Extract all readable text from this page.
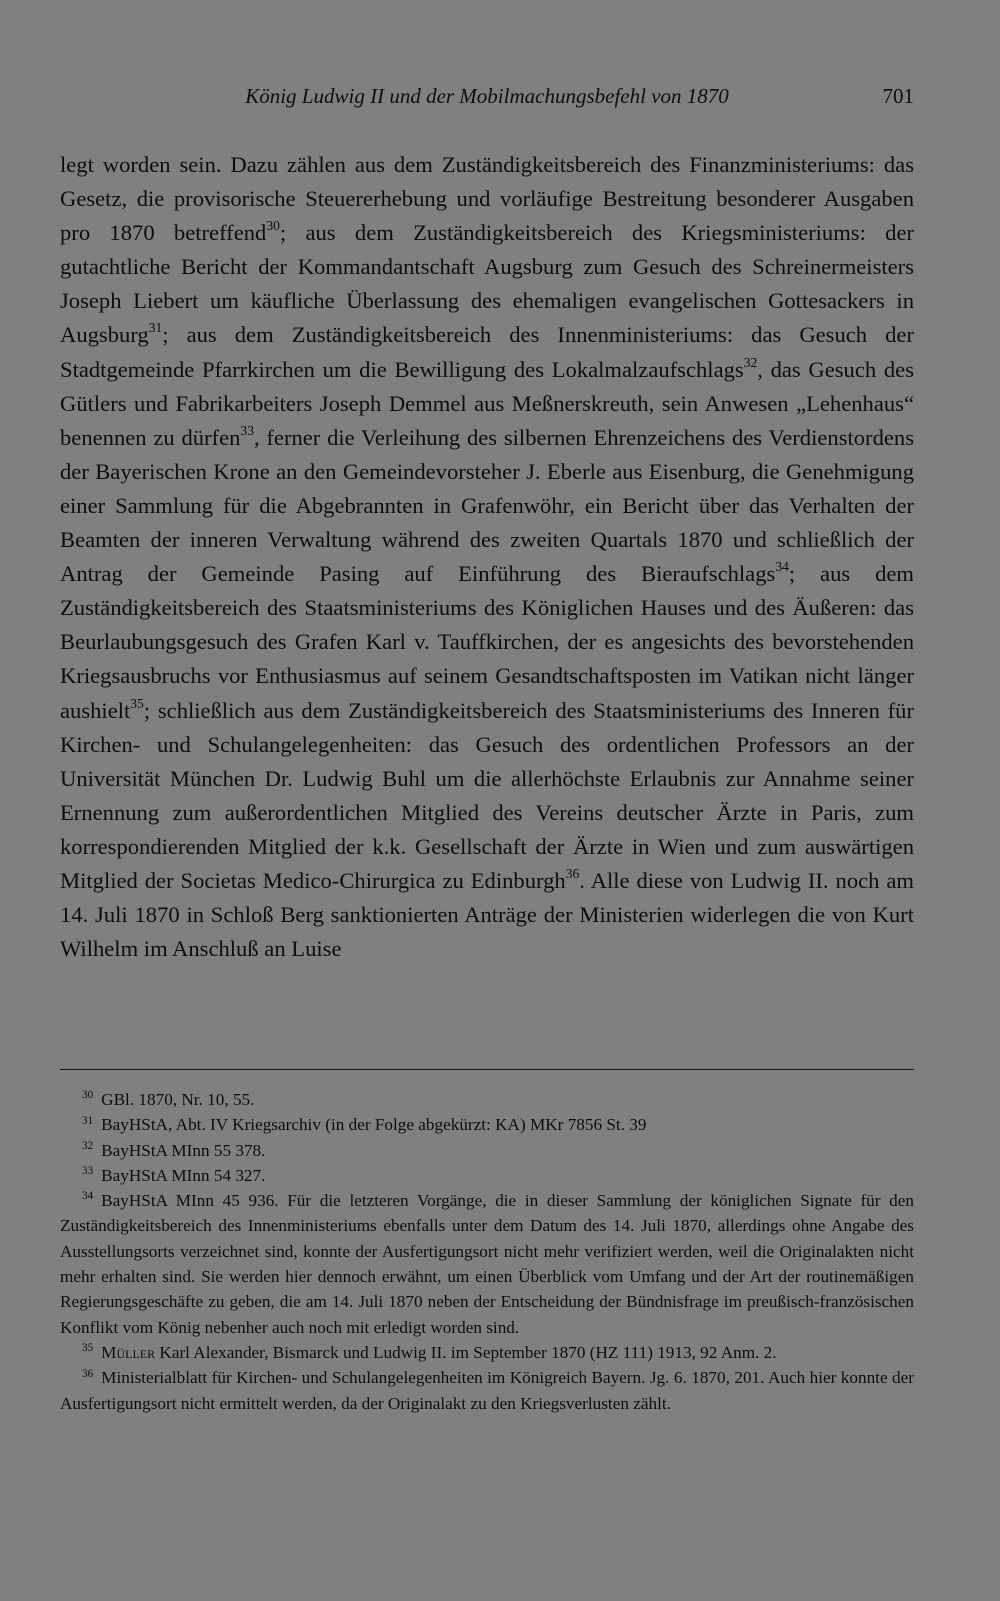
König Ludwig II und der Mobilmachungsbefehl von 1870	701

legt worden sein. Dazu zählen aus dem Zuständigkeitsbereich des Finanzministeriums: das Gesetz, die provisorische Steuererhebung und vorläufige Bestreitung besonderer Ausgaben pro 1870 betreffend$^{30}$; aus dem Zuständigkeitsbereich des Kriegsministeriums: der gutachtliche Bericht der Kommandantschaft Augsburg zum Gesuch des Schreinermeisters Joseph Liebert um käufliche Überlassung des ehemaligen evangelischen Gottesackers in Augsburg$^{31}$; aus dem Zuständigkeitsbereich des Innenministeriums: das Gesuch der Stadtgemeinde Pfarrkirchen um die Bewilligung des Lokalmalzaufschlags$^{32}$, das Gesuch des Gütlers und Fabrikarbeiters Joseph Demmel aus Meßnerskreuth, sein Anwesen „Lehenhaus“ benennen zu dürfen$^{33}$, ferner die Verleihung des silbernen Ehrenzeichens des Verdienstordens der Bayerischen Krone an den Gemeindevorsteher J. Eberle aus Eisenburg, die Genehmigung einer Sammlung für die Abgebrannten in Grafenwöhr, ein Bericht über das Verhalten der Beamten der inneren Verwaltung während des zweiten Quartals 1870 und schließlich der Antrag der Gemeinde Pasing auf Einführung des Bieraufschlags$^{34}$; aus dem Zuständigkeitsbereich des Staatsministeriums des Königlichen Hauses und des Äußeren: das Beurlaubungsgesuch des Grafen Karl v. Tauffkirchen, der es angesichts des bevorstehenden Kriegsausbruchs vor Enthusiasmus auf seinem Gesandtschaftsposten im Vatikan nicht länger aushielt$^{35}$; schließlich aus dem Zuständigkeitsbereich des Staatsministeriums des Inneren für Kirchen- und Schulangelegenheiten: das Gesuch des ordentlichen Professors an der Universität München Dr. Ludwig Buhl um die allerhöchste Erlaubnis zur Annahme seiner Ernennung zum außerordentlichen Mitglied des Vereins deutscher Ärzte in Paris, zum korrespondierenden Mitglied der k.k. Gesellschaft der Ärzte in Wien und zum auswärtigen Mitglied der Societas Medico-Chirurgica zu Edinburgh$^{36}$. Alle diese von Ludwig II. noch am 14. Juli 1870 in Schloß Berg sanktionierten Anträge der Ministerien widerlegen die von Kurt Wilhelm im Anschluß an Luise

$^{30}$ GBl. 1870, Nr. 10, 55.

$^{31}$ BayHStA, Abt. IV Kriegsarchiv (in der Folge abgekürzt: KA) MKr 7856 St. 39

$^{32}$ BayHStA MInn 55 378.

$^{33}$ BayHStA MInn 54 327.

$^{34}$ BayHStA MInn 45 936. Für die letzteren Vorgänge, die in dieser Sammlung der königlichen Signate für den Zuständigkeitsbereich des Innenministeriums ebenfalls unter dem Datum des 14. Juli 1870, allerdings ohne Angabe des Ausstellungsorts verzeichnet sind, konnte der Ausfertigungsort nicht mehr verifiziert werden, weil die Originalakten nicht mehr erhalten sind. Sie werden hier dennoch erwähnt, um einen Überblick vom Umfang und der Art der routinemäßigen Regierungsgeschäfte zu geben, die am 14. Juli 1870 neben der Entscheidung der Bündnisfrage im preußisch-französischen Konflikt vom König nebenher auch noch mit erledigt worden sind.

$^{35}$ Müller Karl Alexander, Bismarck und Ludwig II. im September 1870 (HZ 111) 1913, 92 Anm. 2.

$^{36}$ Ministerialblatt für Kirchen- und Schulangelegenheiten im Königreich Bayern. Jg. 6. 1870, 201. Auch hier konnte der Ausfertigungsort nicht ermittelt werden, da der Originalakt zu den Kriegsverlusten zählt.
